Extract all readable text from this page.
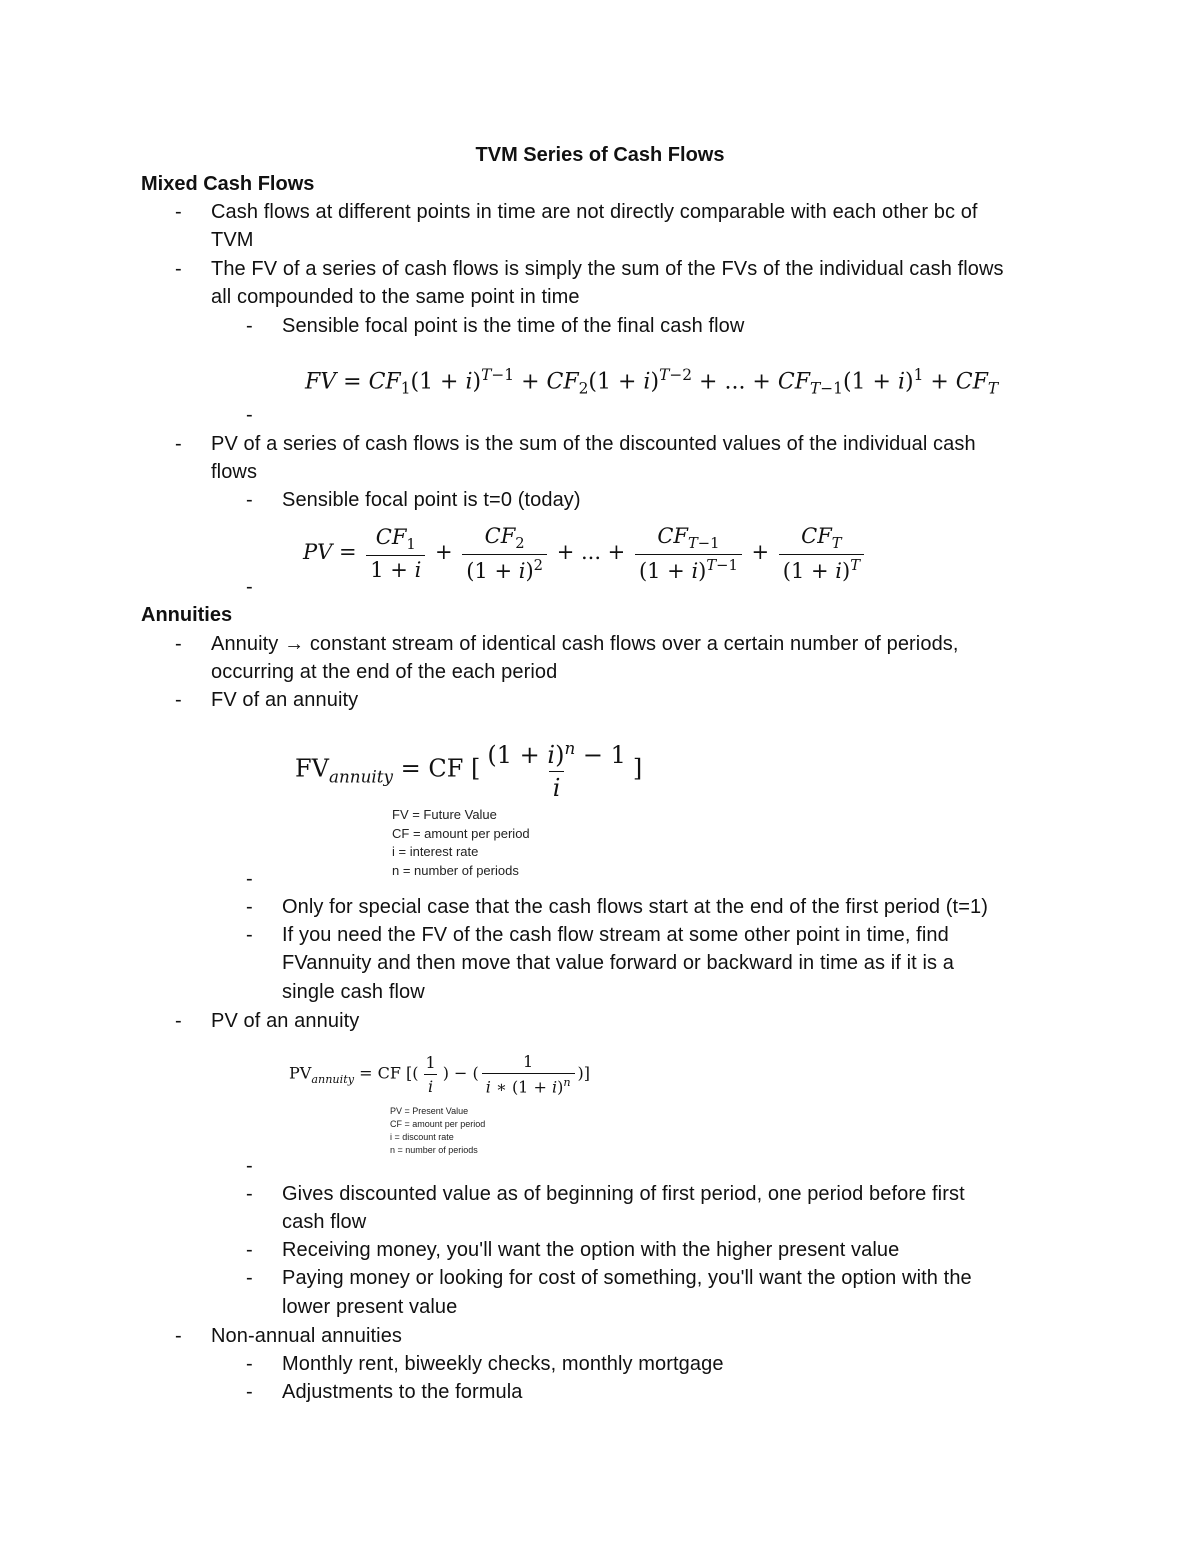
TVM Series of Cash Flows
Mixed Cash Flows
- Cash flows at different points in time are not directly comparable with each other bc of
TVM
- The FV of a series of cash flows is simply the sum of the FVs of the individual cash flows
all compounded to the same point in time
- Sensible focal point is the time of the final cash flow
FV = $CF_1(1 + i)^{T-1} + CF_2(1 + i)^{T-2}$ + ... + $CF_{T-1}(1 + i)^1 + CF_T$
-
- PV of a series of cash flows is the sum of the discounted values of the individual cash
flows
- Sensible focal point is t=0 (today)
PV = $\frac{CF_1}{1 + i} + \frac{CF_2}{(1 + i)^2}$ + ... + $\frac{CF_{T-1}}{(1 + i)^{T-1}} + \frac{CF_T}{(1 + i)^T}$
-
Annuities
- Annuity → constant stream of identical cash flows over a certain number of periods,
occurring at the end of the each period
- FV of an annuity
$FV_{annuity}$ = CF [ $\frac{(1 + i)^n - 1}{i}$ ]
FV = Future Value
CF = amount per period
i = interest rate
n = number of periods
-
- Only for special case that the cash flows start at the end of the first period (t=1)
- If you need the FV of the cash flow stream at some other point in time, find
FVannuity and then move that value forward or backward in time as if it is a
single cash flow
- PV of an annuity
$PV_{annuity}$ = CF [( $\frac{1}{i}$ ) − ( $\frac{1}{i ∗ (1 + i)^n}$ )]
PV = Present Value
CF = amount per period
i = discount rate
n = number of periods
-
- Gives discounted value as of beginning of first period, one period before first
cash flow
- Receiving money, you'll want the option with the higher present value
- Paying money or looking for cost of something, you'll want the option with the
lower present value
- Non-annual annuities
- Monthly rent, biweekly checks, monthly mortgage
- Adjustments to the formula
